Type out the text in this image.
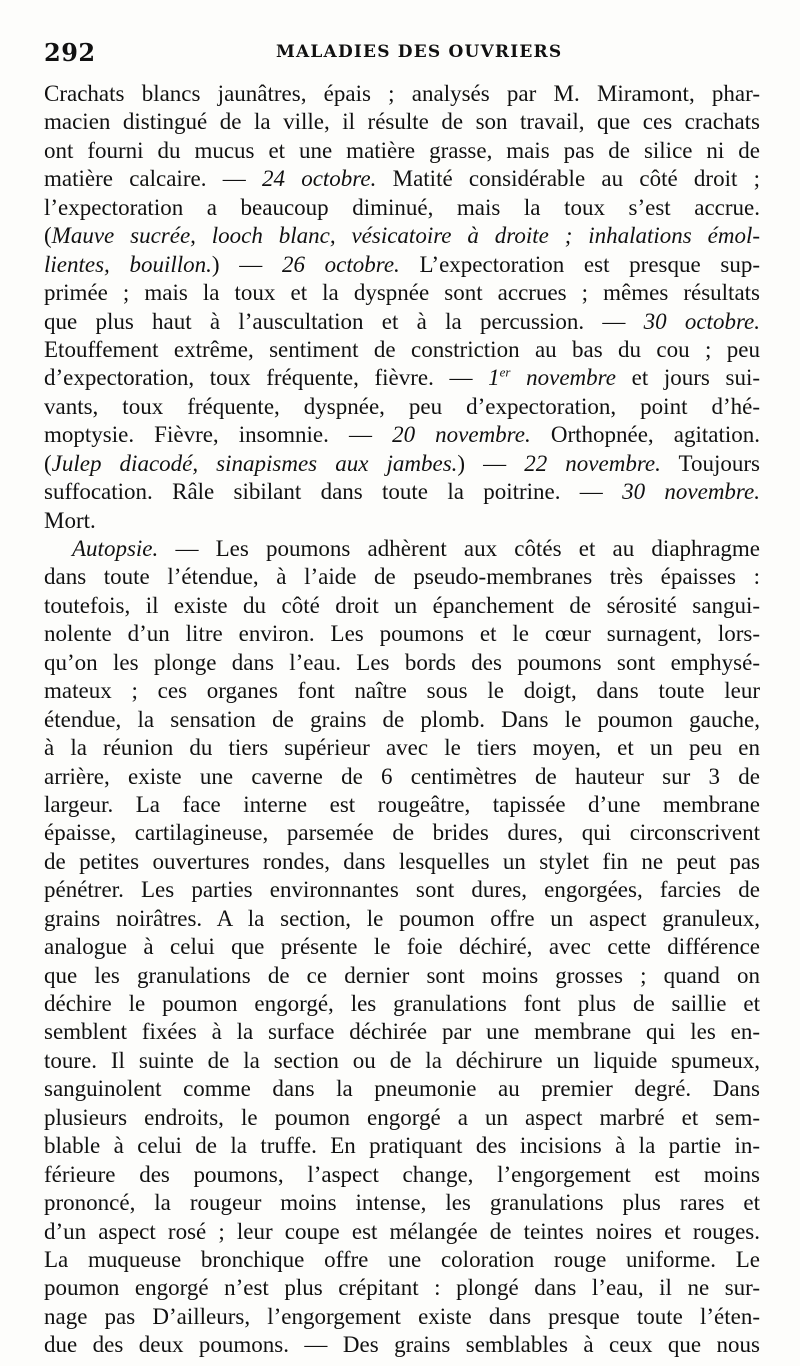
292	MALADIES DES OUVRIERS
Crachats blancs jaunâtres, épais ; analysés par M. Miramont, phar-
macien distingué de la ville, il résulte de son travail, que ces crachats
ont fourni du mucus et une matière grasse, mais pas de silice ni de
matière calcaire. — 24 octobre. Matité considérable au côté droit ;
l’expectoration a beaucoup diminué, mais la toux s’est accrue.
(Mauve sucrée, looch blanc, vésicatoire à droite ; inhalations émol-
lientes, bouillon.) — 26 octobre. L’expectoration est presque sup-
primée ; mais la toux et la dyspnée sont accrues ; mêmes résultats
que plus haut à l’auscultation et à la percussion. — 30 octobre.
Etouffement extrême, sentiment de constriction au bas du cou ; peu
d’expectoration, toux fréquente, fièvre. — 1er novembre et jours sui-
vants, toux fréquente, dyspnée, peu d’expectoration, point d’hé-
moptysie. Fièvre, insomnie. — 20 novembre. Orthopnée, agitation.
(Julep diacodé, sinapismes aux jambes.) — 22 novembre. Toujours
suffocation. Râle sibilant dans toute la poitrine. — 30 novembre.
Mort.
Autopsie. — Les poumons adhèrent aux côtés et au diaphragme
dans toute l’étendue, à l’aide de pseudo-membranes très épaisses :
toutefois, il existe du côté droit un épanchement de sérosité sangui-
nolente d’un litre environ. Les poumons et le cœur surnagent, lors-
qu’on les plonge dans l’eau. Les bords des poumons sont emphysé-
mateux ; ces organes font naître sous le doigt, dans toute leur
étendue, la sensation de grains de plomb. Dans le poumon gauche,
à la réunion du tiers supérieur avec le tiers moyen, et un peu en
arrière, existe une caverne de 6 centimètres de hauteur sur 3 de
largeur. La face interne est rougeâtre, tapissée d’une membrane
épaisse, cartilagineuse, parsemée de brides dures, qui circonscrivent
de petites ouvertures rondes, dans lesquelles un stylet fin ne peut pas
pénétrer. Les parties environnantes sont dures, engorgées, farcies de
grains noirâtres. A la section, le poumon offre un aspect granuleux,
analogue à celui que présente le foie déchiré, avec cette différence
que les granulations de ce dernier sont moins grosses ; quand on
déchire le poumon engorgé, les granulations font plus de saillie et
semblent fixées à la surface déchirée par une membrane qui les en-
toure. Il suinte de la section ou de la déchirure un liquide spumeux,
sanguinolent comme dans la pneumonie au premier degré. Dans
plusieurs endroits, le poumon engorgé a un aspect marbré et sem-
blable à celui de la truffe. En pratiquant des incisions à la partie in-
férieure des poumons, l’aspect change, l’engorgement est moins
prononcé, la rougeur moins intense, les granulations plus rares et
d’un aspect rosé ; leur coupe est mélangée de teintes noires et rouges.
La muqueuse bronchique offre une coloration rouge uniforme. Le
poumon engorgé n’est plus crépitant : plongé dans l’eau, il ne sur-
nage pas D’ailleurs, l’engorgement existe dans presque toute l’éten-
due des deux poumons. — Des grains semblables à ceux que nous
